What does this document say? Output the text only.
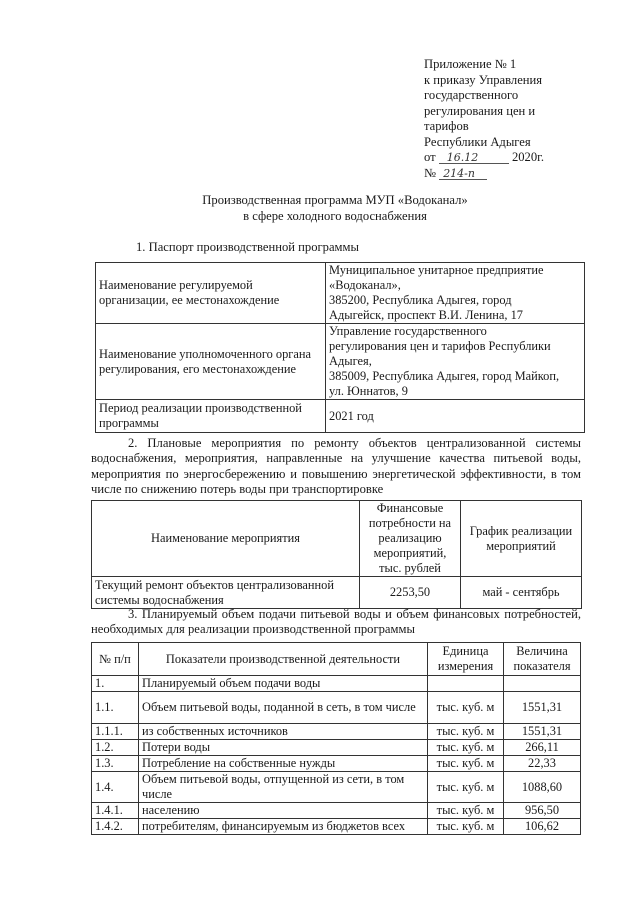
Приложение № 1
к приказу Управления
государственного
регулирования цен и
тарифов
Республики Адыгея
от 16.12	2020г.
№ 214-п
Производственная программа МУП «Водоканал»
в сфере холодного водоснабжения
1. Паспорт производственной программы
Наименование регулируемой организации, ее местонахождение	Муниципальное унитарное предприятие
«Водоканал»,
385200, Республика Адыгея, город
Адыгейск, проспект В.И. Ленина, 17

Наименование уполномоченного органа регулирования, его местонахождение	Управление государственного
регулирования цен и тарифов Республики
Адыгея,
385009, Республика Адыгея, город Майкоп,
ул. Юннатов, 9

Период реализации производственной программы	2021 год
2. Плановые мероприятия по ремонту объектов централизованной системы водоснабжения, мероприятия, направленные на улучшение качества питьевой воды, мероприятия по энергосбережению и повышению энергетической эффективности, в том числе по снижению потерь воды при транспортировке
Наименование мероприятия	Финансовые потребности на реализацию мероприятий, тыс. рублей	График реализации мероприятий
Текущий ремонт объектов централизованной системы водоснабжения	2253,50	май - сентябрь
3. Планируемый объем подачи питьевой воды и объем финансовых потребностей, необходимых для реализации производственной программы
№ п/п	Показатели производственной деятельности	Единица измерения	Величина показателя
1.	Планируемый объем подачи воды		
1.1.	Объем питьевой воды, поданной в сеть, в том числе	тыс. куб. м	1551,31
1.1.1.	из собственных источников	тыс. куб. м	1551,31
1.2.	Потери воды	тыс. куб. м	266,11
1.3.	Потребление на собственные нужды	тыс. куб. м	22,33
1.4.	Объем питьевой воды, отпущенной из сети, в том числе	тыс. куб. м	1088,60
1.4.1.	населению	тыс. куб. м	956,50
1.4.2.	потребителям, финансируемым из бюджетов всех	тыс. куб. м	106,62
